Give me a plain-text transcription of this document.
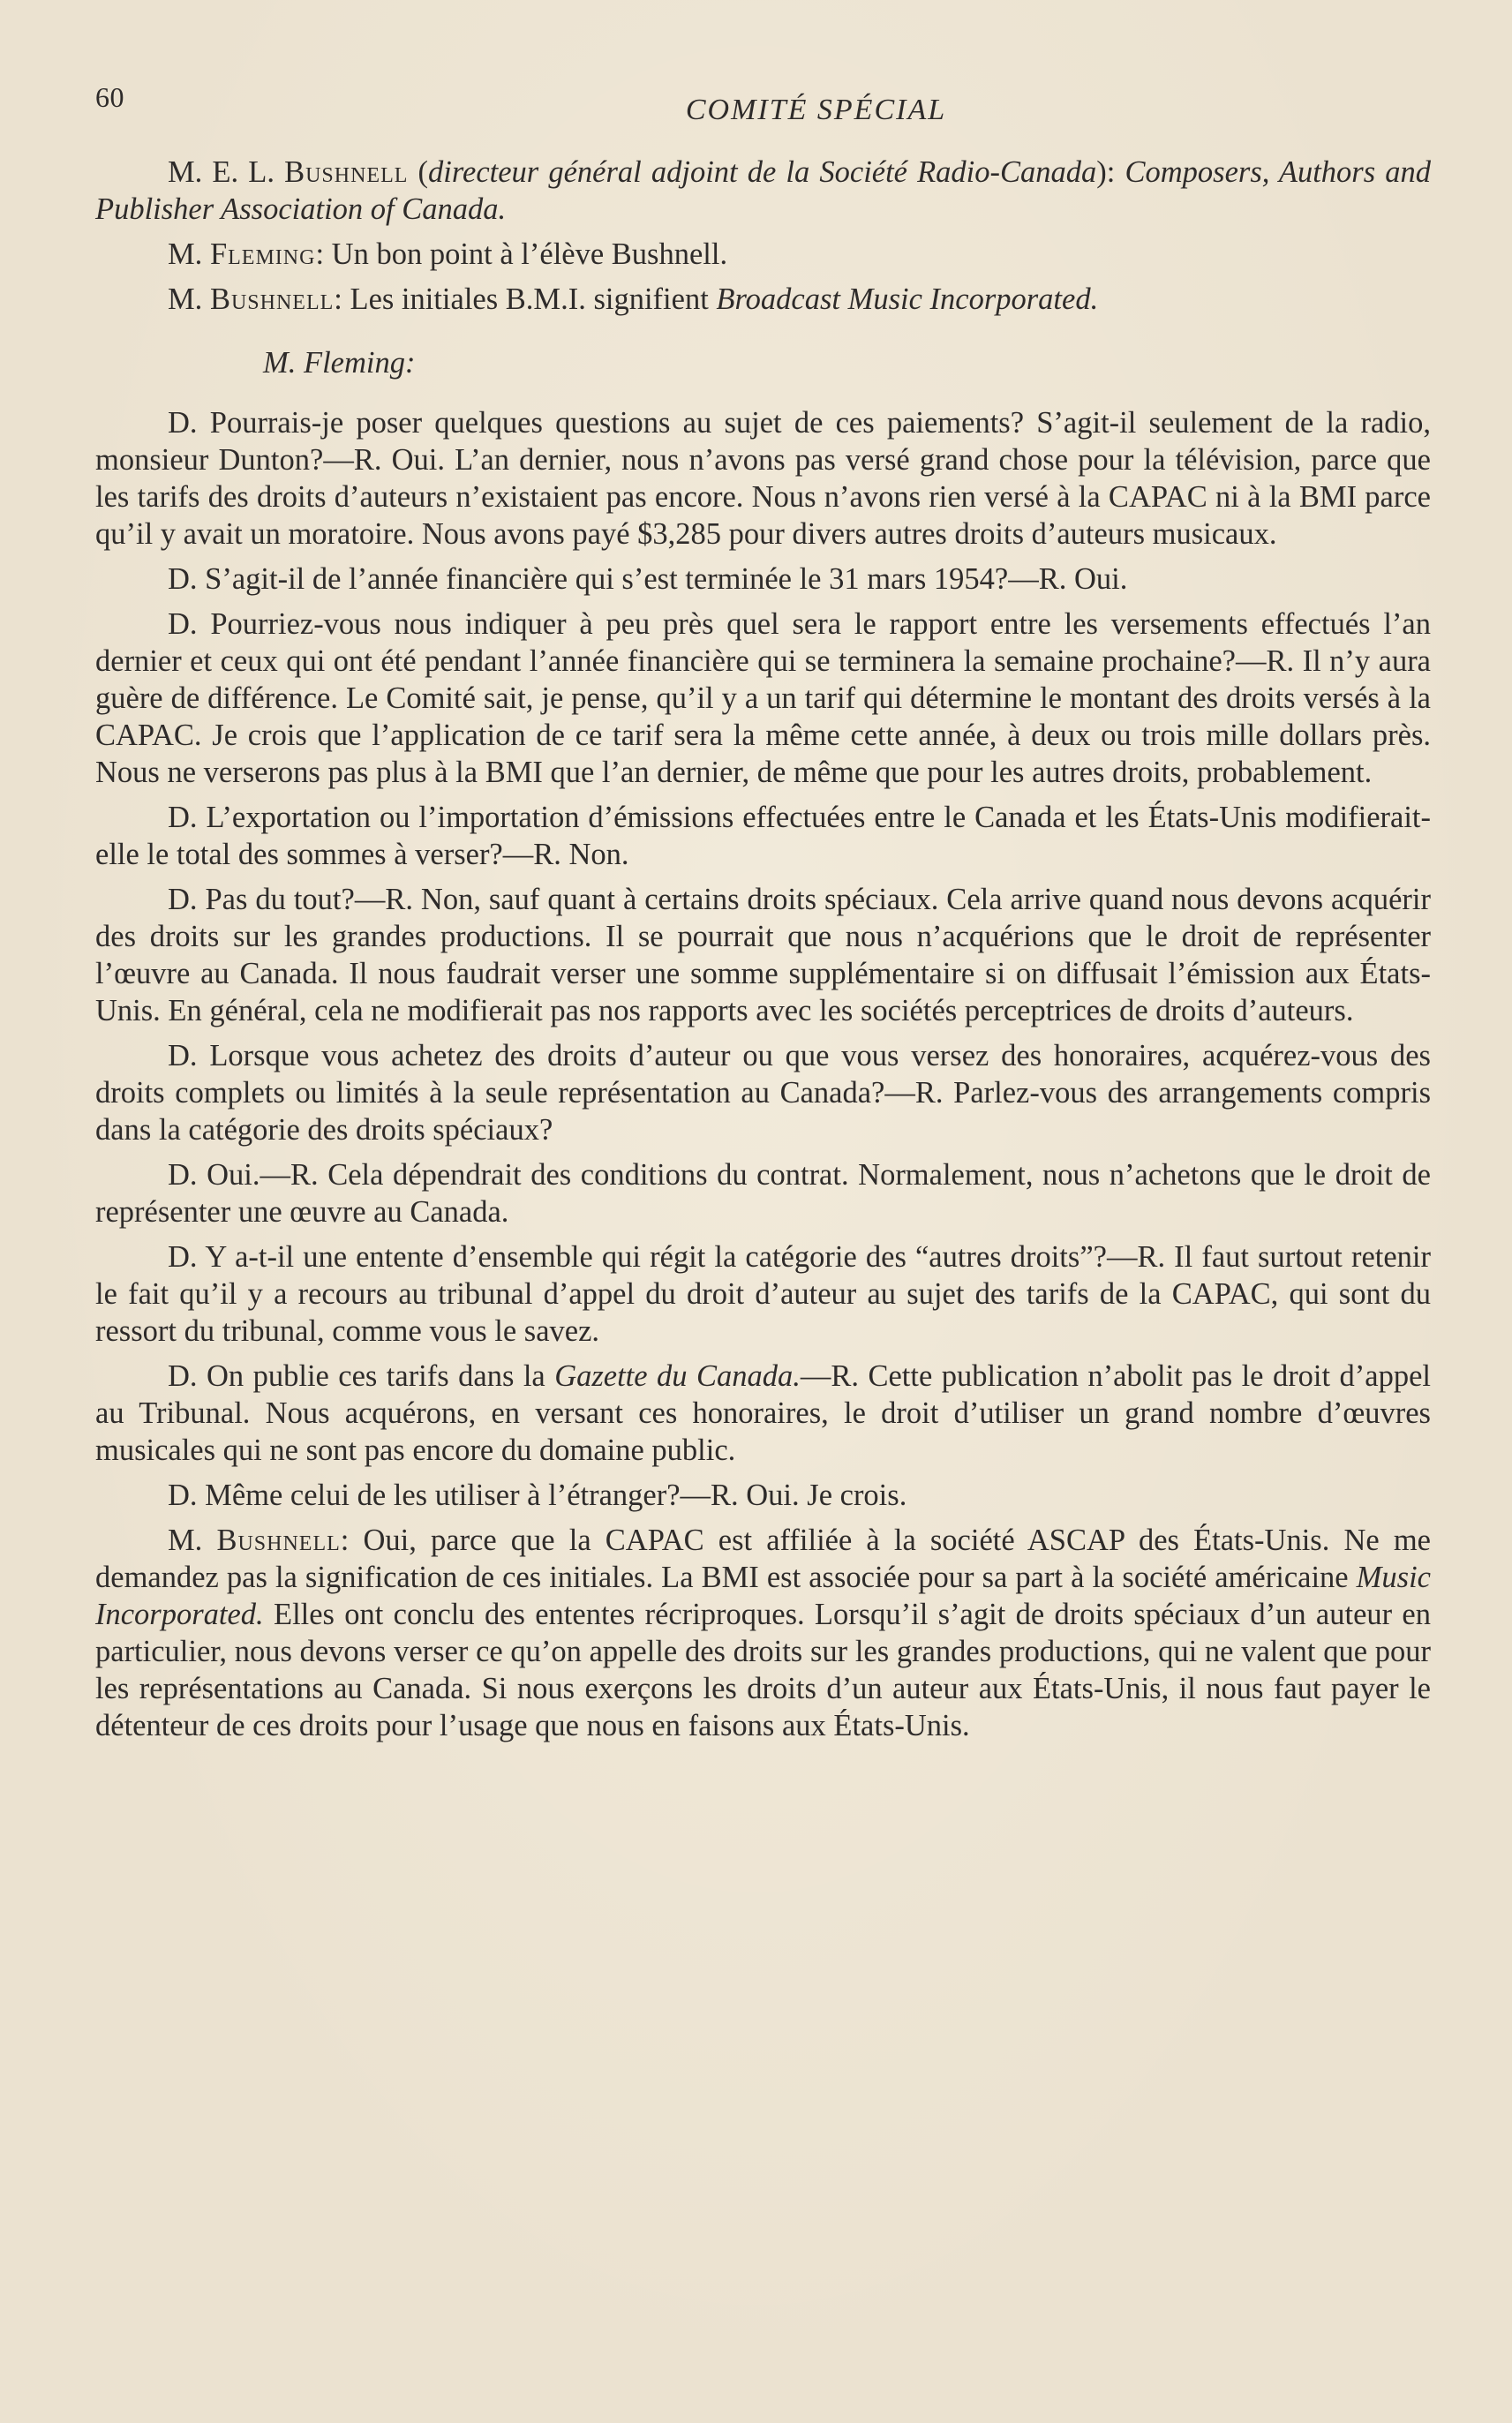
60	COMITÉ SPÉCIAL

M. E. L. Bushnell (directeur général adjoint de la Société Radio-Canada): Composers, Authors and Publisher Association of Canada.

M. Fleming: Un bon point à l’élève Bushnell.

M. Bushnell: Les initiales B.M.I. signifient Broadcast Music Incorporated.

M. Fleming:

D. Pourrais-je poser quelques questions au sujet de ces paiements? S’agit-il seulement de la radio, monsieur Dunton?—R. Oui. L’an dernier, nous n’avons pas versé grand chose pour la télévision, parce que les tarifs des droits d’auteurs n’existaient pas encore. Nous n’avons rien versé à la CAPAC ni à la BMI parce qu’il y avait un moratoire. Nous avons payé $3,285 pour divers autres droits d’auteurs musicaux.

D. S’agit-il de l’année financière qui s’est terminée le 31 mars 1954?—R. Oui.

D. Pourriez-vous nous indiquer à peu près quel sera le rapport entre les versements effectués l’an dernier et ceux qui ont été pendant l’année financière qui se terminera la semaine prochaine?—R. Il n’y aura guère de différence. Le Comité sait, je pense, qu’il y a un tarif qui détermine le montant des droits versés à la CAPAC. Je crois que l’application de ce tarif sera la même cette année, à deux ou trois mille dollars près. Nous ne verserons pas plus à la BMI que l’an dernier, de même que pour les autres droits, probablement.

D. L’exportation ou l’importation d’émissions effectuées entre le Canada et les États-Unis modifierait-elle le total des sommes à verser?—R. Non.

D. Pas du tout?—R. Non, sauf quant à certains droits spéciaux. Cela arrive quand nous devons acquérir des droits sur les grandes productions. Il se pourrait que nous n’acquérions que le droit de représenter l’œuvre au Canada. Il nous faudrait verser une somme supplémentaire si on diffusait l’émission aux États-Unis. En général, cela ne modifierait pas nos rapports avec les sociétés perceptrices de droits d’auteurs.

D. Lorsque vous achetez des droits d’auteur ou que vous versez des honoraires, acquérez-vous des droits complets ou limités à la seule représentation au Canada?—R. Parlez-vous des arrangements compris dans la catégorie des droits spéciaux?

D. Oui.—R. Cela dépendrait des conditions du contrat. Normalement, nous n’achetons que le droit de représenter une œuvre au Canada.

D. Y a-t-il une entente d’ensemble qui régit la catégorie des “autres droits”?—R. Il faut surtout retenir le fait qu’il y a recours au tribunal d’appel du droit d’auteur au sujet des tarifs de la CAPAC, qui sont du ressort du tribunal, comme vous le savez.

D. On publie ces tarifs dans la Gazette du Canada.—R. Cette publication n’abolit pas le droit d’appel au Tribunal. Nous acquérons, en versant ces honoraires, le droit d’utiliser un grand nombre d’œuvres musicales qui ne sont pas encore du domaine public.

D. Même celui de les utiliser à l’étranger?—R. Oui. Je crois.

M. Bushnell: Oui, parce que la CAPAC est affiliée à la société ASCAP des États-Unis. Ne me demandez pas la signification de ces initiales. La BMI est associée pour sa part à la société américaine Music Incorporated. Elles ont conclu des ententes récriproques. Lorsqu’il s’agit de droits spéciaux d’un auteur en particulier, nous devons verser ce qu’on appelle des droits sur les grandes productions, qui ne valent que pour les représentations au Canada. Si nous exerçons les droits d’un auteur aux États-Unis, il nous faut payer le détenteur de ces droits pour l’usage que nous en faisons aux États-Unis.
